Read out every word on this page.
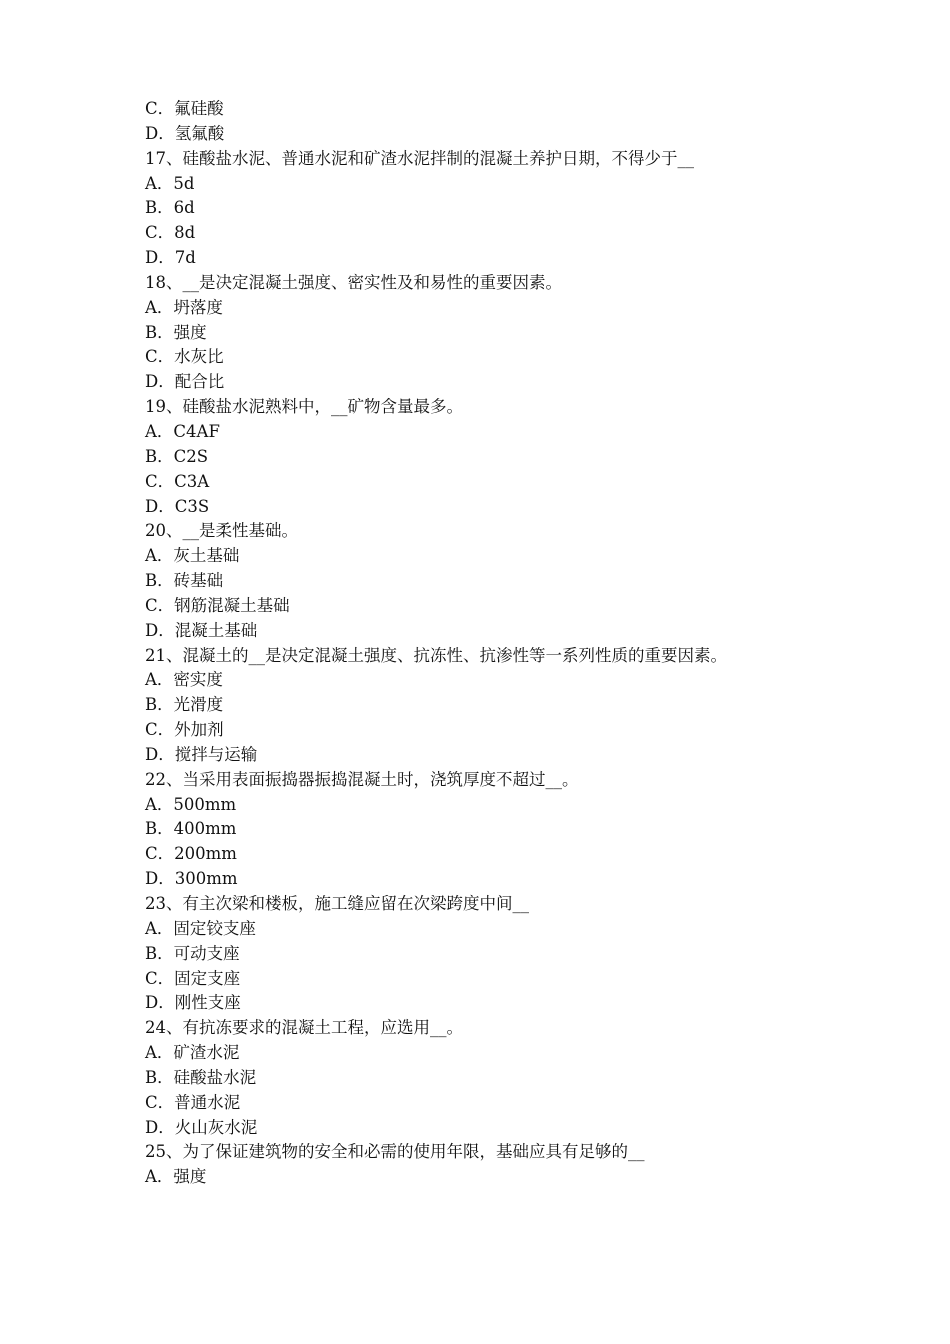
C．氟硅酸
D．氢氟酸
17、硅酸盐水泥、普通水泥和矿渣水泥拌制的混凝土养护日期，不得少于__
A．5d
B．6d
C．8d
D．7d
18、__是决定混凝土强度、密实性及和易性的重要因素。
A．坍落度
B．强度
C．水灰比
D．配合比
19、硅酸盐水泥熟料中，__矿物含量最多。
A．C4AF
B．C2S
C．C3A
D．C3S
20、__是柔性基础。
A．灰土基础
B．砖基础
C．钢筋混凝土基础
D．混凝土基础
21、混凝土的__是决定混凝土强度、抗冻性、抗渗性等一系列性质的重要因素。
A．密实度
B．光滑度
C．外加剂
D．搅拌与运输
22、当采用表面振捣器振捣混凝土时，浇筑厚度不超过__。
A．500mm
B．400mm
C．200mm
D．300mm
23、有主次梁和楼板，施工缝应留在次梁跨度中间__
A．固定铰支座
B．可动支座
C．固定支座
D．刚性支座
24、有抗冻要求的混凝土工程，应选用__。
A．矿渣水泥
B．硅酸盐水泥
C．普通水泥
D．火山灰水泥
25、为了保证建筑物的安全和必需的使用年限，基础应具有足够的__
A．强度
